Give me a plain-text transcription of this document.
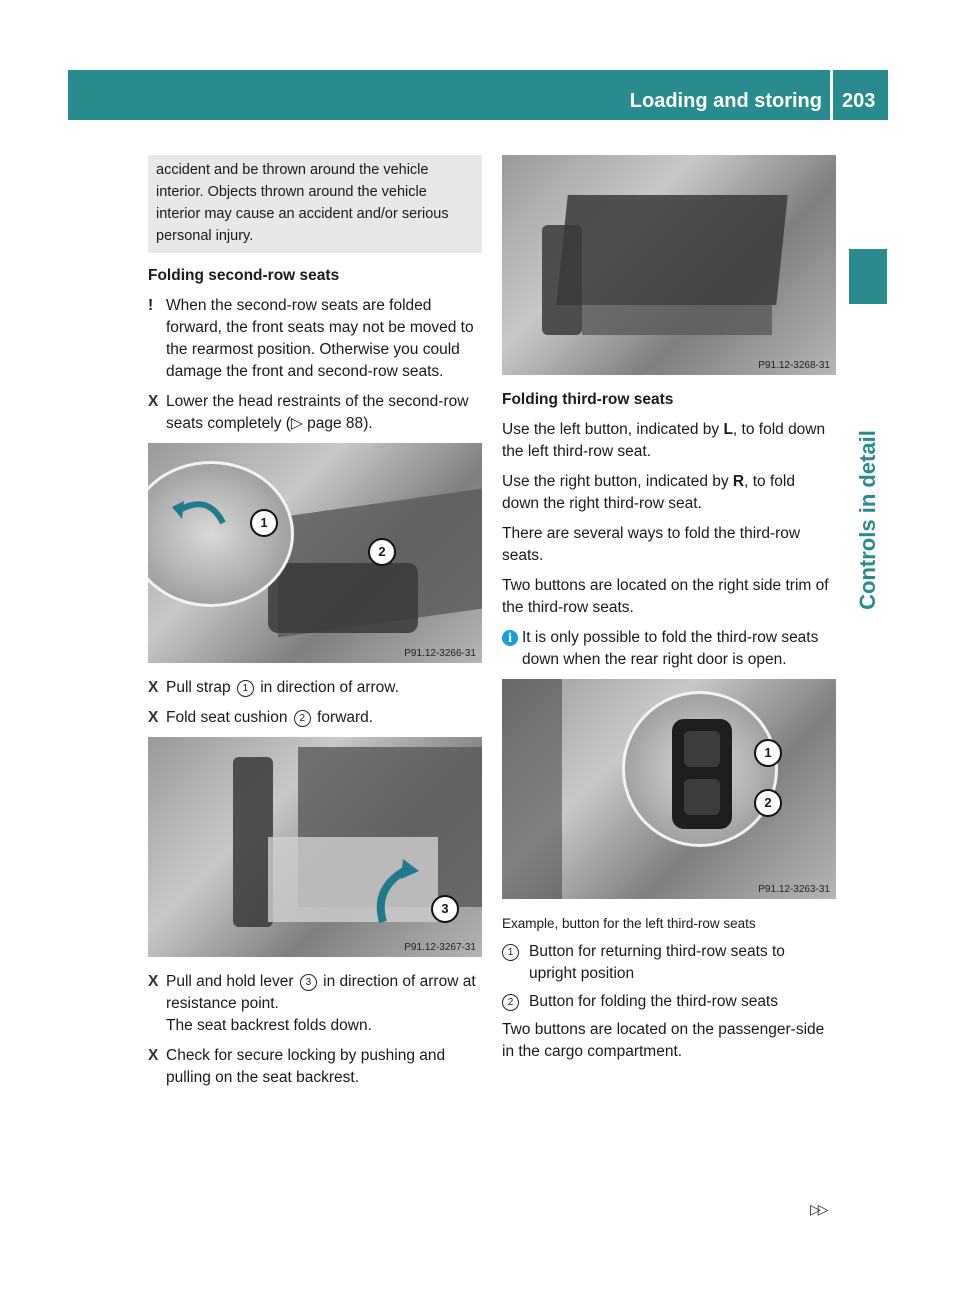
Loading and storing 203
Controls in detail
accident and be thrown around the vehicle interior. Objects thrown around the vehicle interior may cause an accident and/or serious personal injury.
Folding second-row seats
! When the second-row seats are folded forward, the front seats may not be moved to the rearmost position. Otherwise you could damage the front and second-row seats.
X Lower the head restraints of the second-row seats completely (▷ page 88).
1
2
P91.12-3266-31
X Pull strap 1 in direction of arrow.
X Fold seat cushion 2 forward.
3
P91.12-3267-31
X Pull and hold lever 3 in direction of arrow at resistance point.
The seat backrest folds down.
X Check for secure locking by pushing and pulling on the seat backrest.
P91.12-3268-31
Folding third-row seats

Use the left button, indicated by L, to fold down the left third-row seat.

Use the right button, indicated by R, to fold down the right third-row seat.

There are several ways to fold the third-row seats.

Two buttons are located on the right side trim of the third-row seats.

i It is only possible to fold the third-row seats down when the rear right door is open.
1
2
P91.12-3263-31
Example, button for the left third-row seats
1	Button for returning third-row seats to upright position
2	Button for folding the third-row seats

Two buttons are located on the passenger-side in the cargo compartment.

▷▷
